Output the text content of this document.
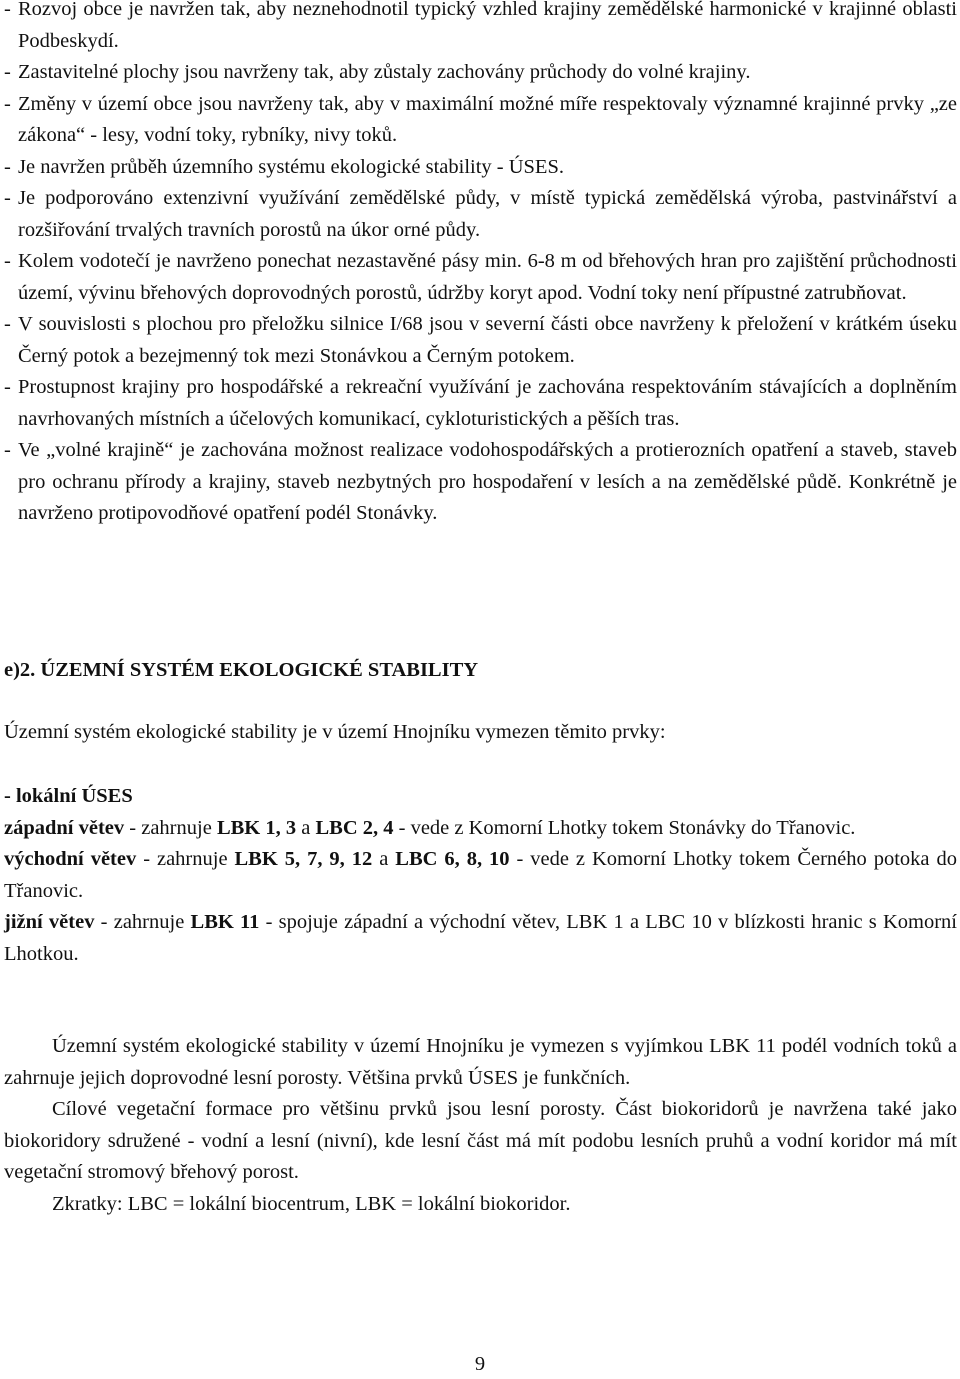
- Rozvoj obce je navržen tak, aby neznehodnotil typický vzhled krajiny zemědělské harmonické v krajinné oblasti Podbeskydí.
- Zastavitelné plochy jsou navrženy tak, aby zůstaly zachovány průchody do volné krajiny.
- Změny v území obce jsou navrženy tak, aby v maximální možné míře respektovaly významné krajinné prvky „ze zákona“ - lesy, vodní toky, rybníky, nivy toků.
- Je navržen průběh územního systému ekologické stability - ÚSES.
- Je podporováno extenzivní využívání zemědělské půdy, v místě typická zemědělská výroba, pastvinářství a rozšiřování trvalých travních porostů na úkor orné půdy.
- Kolem vodotečí je navrženo ponechat nezastavěné pásy min. 6-8 m od břehových hran pro zajištění průchodnosti území, vývinu břehových doprovodných porostů, údržby koryt apod. Vodní toky není přípustné zatrubňovat.
- V souvislosti s plochou pro přeložku silnice I/68 jsou v severní části obce navrženy k přeložení v krátkém úseku Černý potok a bezejmenný tok mezi Stonávkou a Černým potokem.
- Prostupnost krajiny pro hospodářské a rekreační využívání je zachována respektováním stávajících a doplněním navrhovaných místních a účelových komunikací, cykloturistických a pěších tras.
- Ve „volné krajině“ je zachována možnost realizace vodohospodářských a protierozních opatření a staveb, staveb pro ochranu přírody a krajiny, staveb nezbytných pro hospodaření v lesích a na zemědělské půdě. Konkrétně je navrženo protipovodňové opatření podél Stonávky.
e)2. ÚZEMNÍ SYSTÉM EKOLOGICKÉ STABILITY

Územní systém ekologické stability je v území Hnojníku vymezen těmito prvky:

- lokální ÚSES

západní větev - zahrnuje LBK 1, 3 a LBC 2, 4 - vede z Komorní Lhotky tokem Stonávky do Třanovic.

východní větev - zahrnuje LBK 5, 7, 9, 12 a LBC 6, 8, 10 - vede z Komorní Lhotky tokem Černého potoka do Třanovic.

jižní větev - zahrnuje LBK 11 - spojuje západní a východní větev, LBK 1 a LBC 10 v blízkosti hranic s Komorní Lhotkou.

Územní systém ekologické stability v území Hnojníku je vymezen s vyjímkou LBK 11 podél vodních toků a zahrnuje jejich doprovodné lesní porosty. Většina prvků ÚSES je funkčních.

Cílové vegetační formace pro většinu prvků jsou lesní porosty. Část biokoridorů je navržena také jako biokoridory sdružené - vodní a lesní (nivní), kde lesní část má mít podobu lesních pruhů a vodní koridor má mít vegetační stromový břehový porost.

Zkratky: LBC = lokální biocentrum, LBK = lokální biokoridor.

9
